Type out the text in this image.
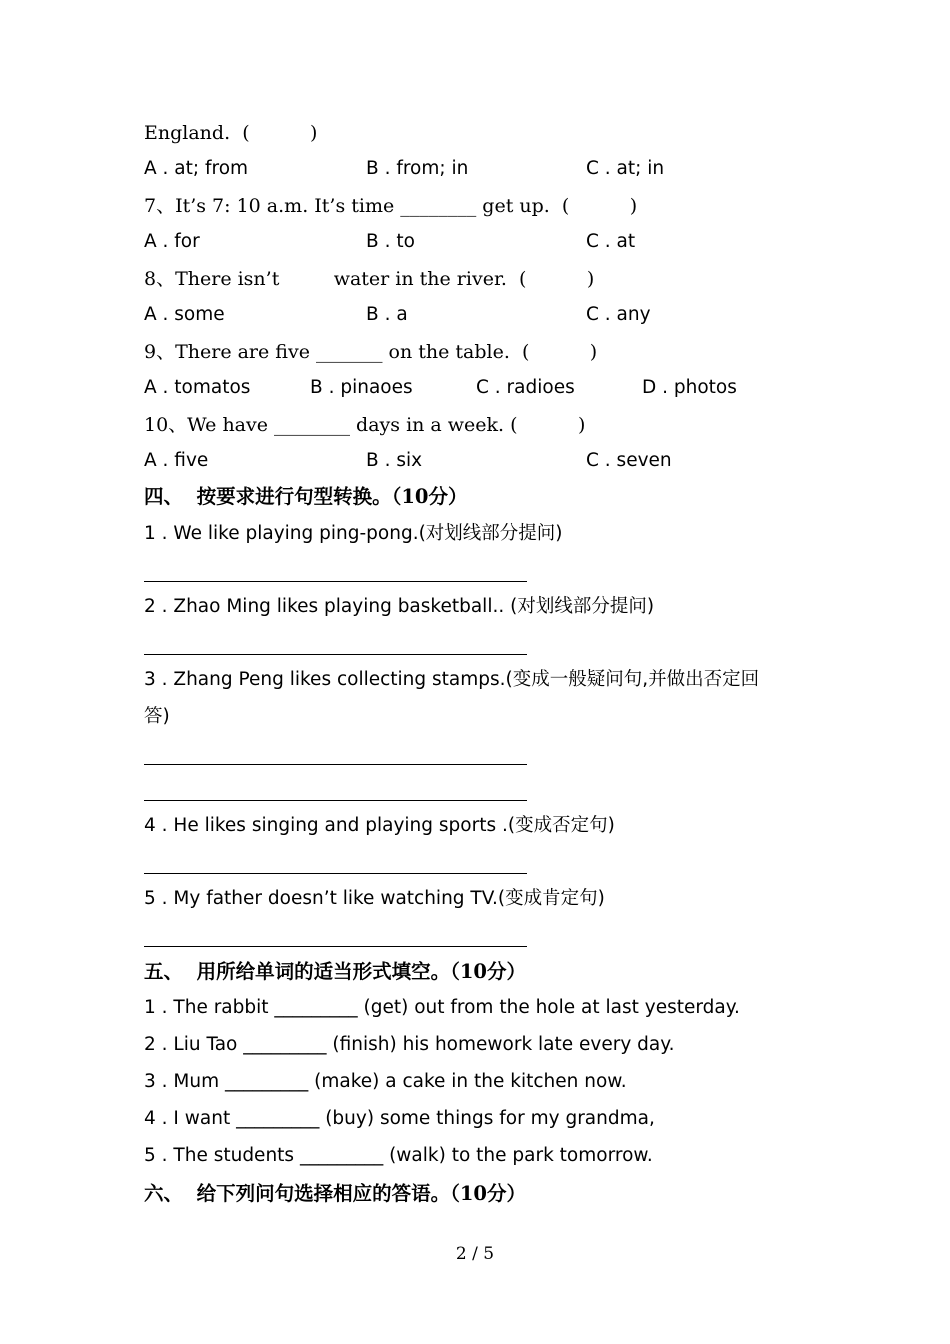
England.  (          )
A . at; from	B . from; in	C . at; in
7、It’s 7: 10 a.m. It’s time ________ get up.  (          )
A . for	B . to	C . at
8、There isn’t         water in the river.  (          )
A . some	B . a	C . any
9、There are five _______ on the table.  (          )
A . tomatos	B . pinaoes	C . radioes	D . photos
10、We have ________ days in a week. (          )
A . five	B . six	C . seven
四、  按要求进行句型转换。（10分）
1 . We like playing ping-pong.(对划线部分提问)
2 . Zhao Ming likes playing basketball.. (对划线部分提问)
3 . Zhang Peng likes collecting stamps.(变成一般疑问句,并做出否定回
答)
4 . He likes singing and playing sports .(变成否定句)
5 . My father doesn’t like watching TV.(变成肯定句)
五、  用所给单词的适当形式填空。（10分）
1 . The rabbit _________ (get) out from the hole at last yesterday.
2 . Liu Tao _________ (finish) his homework late every day.
3 . Mum _________ (make) a cake in the kitchen now.
4 . I want _________ (buy) some things for my grandma,
5 . The students _________ (walk) to the park tomorrow.
六、  给下列问句选择相应的答语。（10分）
2 / 5
